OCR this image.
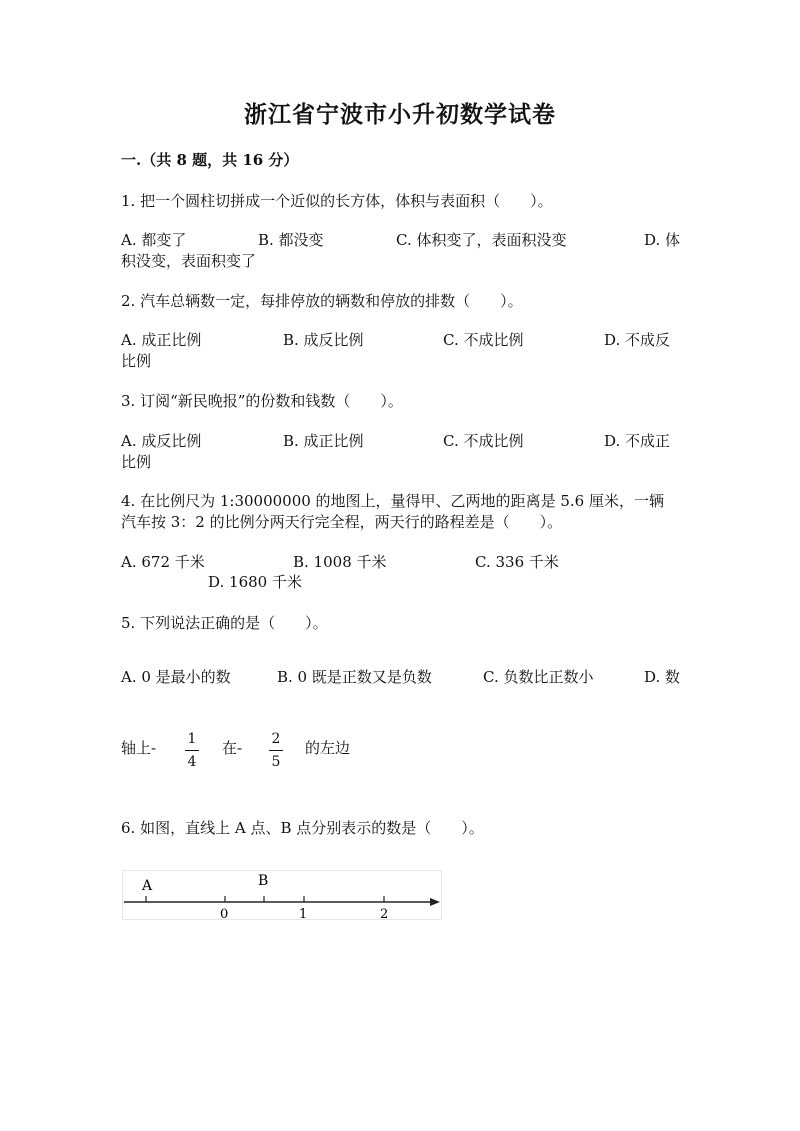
浙江省宁波市小升初数学试卷
一.（共 8 题，共 16 分）
1. 把一个圆柱切拼成一个近似的长方体，体积与表面积（　　）。
A. 都变了	B. 都没变	C. 体积变了，表面积没变	D. 体
积没变，表面积变了
2. 汽车总辆数一定，每排停放的辆数和停放的排数（　　）。
A. 成正比例	B. 成反比例	C. 不成比例	D. 不成反
比例
3. 订阅“新民晚报”的份数和钱数（　　）。
A. 成反比例	B. 成正比例	C. 不成比例	D. 不成正
比例
4. 在比例尺为 1:30000000 的地图上，量得甲、乙两地的距离是 5.6 厘米，一辆
汽车按 3：2 的比例分两天行完全程，两天行的路程差是（　　）。
A. 672 千米	B. 1008 千米	C. 336 千米
D. 1680 千米
5. 下列说法正确的是（　　）。
A. 0 是最小的数	B. 0 既是正数又是负数	C. 负数比正数小	D. 数
轴上- 1
4
在- 2
5
的左边
6. 如图，直线上 A 点、B 点分别表示的数是（　　）。
A	B
0	1	2
